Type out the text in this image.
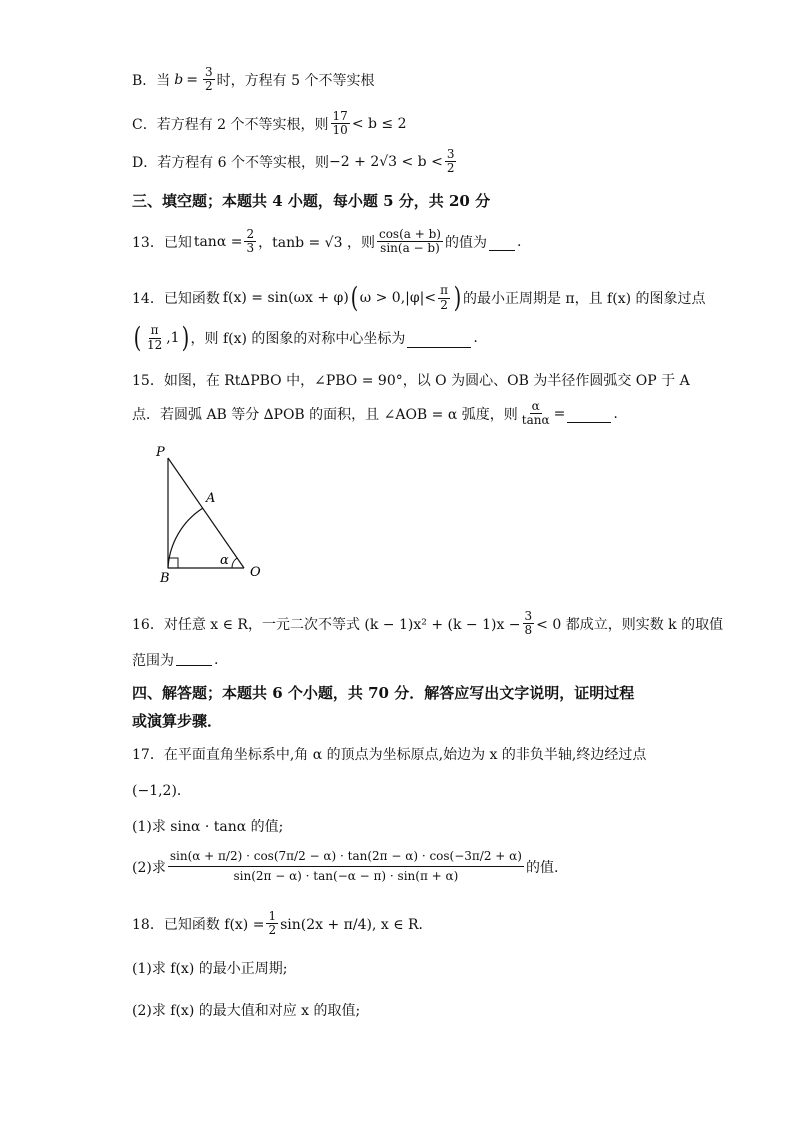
B．当 $b = \frac{3}{2}$ 时，方程有 5 个不等实根
C．若方程有 2 个不等实根，则 $\frac{17}{10} < b \le 2$
D．若方程有 6 个不等实根，则 $-2 + 2√3 < b < \frac{3}{2}$
三、填空题；本题共 4 小题，每小题 5 分，共 20 分
13．已知 $\tan\alpha = \frac{2}{3}$ ，tanb = √3 ，则 $\frac{\cos(a + b)}{\sin(a - b)}$ 的值为 .
14．已知函数 f(x) = sin(ωx + φ) ( $\omega > 0,|\varphi|< \frac{\pi}{2}$ ) 的最小正周期是 π，且 f(x) 的图象过点
( $\frac{\pi}{12} ,1$ ) ，则 f(x) 的图象的对称中心坐标为	.
15．如图，在 Rt∆PBO 中，∠PBO = 90°，以 O 为圆心、OB 为半径作圆弧交 OP 于 A
点．若圆弧 AB 等分 ∆POB 的面积，且 ∠AOB = α 弧度，则 $\frac{\alpha}{\tan\alpha}$ =	.
P
A
B	O
α
16．对任意 x ∈ R，一元二次不等式 $(k - 1)x^2 + (k - 1)x - \frac{3}{8} < 0$ 都成立，则实数 k 的取值
范围为	.
四、解答题；本题共 6 个小题，共 70 分．解答应写出文字说明，证明过程
或演算步骤．
17．在平面直角坐标系中,角 α 的顶点为坐标原点,始边为 x 的非负半轴,终边经过点
(−1,2)．
(1)求 sinα · tanα 的值;
(2)求 $\frac{\sin(\alpha + \pi/2) \cdot \cos(7\pi/2 - \alpha) \cdot \tan(2\pi - \alpha) \cdot \cos(-3\pi/2 + \alpha)}{\sin(2\pi - \alpha) \cdot \tan(-\alpha - \pi) \cdot \sin(\pi + \alpha)}$ 的值.
18．已知函数 $f(x) = \frac{1}{2} \sin(2x + \pi/4)$, x ∈ R．
(1)求 f(x) 的最小正周期;
(2)求 f(x) 的最大值和对应 x 的取值;
